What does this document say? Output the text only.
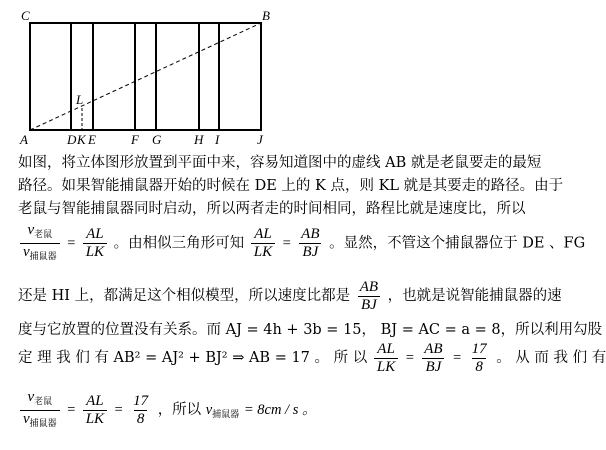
C	B
A	D K E	F G	H I	J
L
如图，将立体图形放置到平面中来，容易知道图中的虚线 AB 就是老鼠要走的最短
路径。如果智能捕鼠器开始的时候在 DE 上的 K 点，则 KL 就是其要走的路径。由于
老鼠与智能捕鼠器同时启动，所以两者走的时间相同，路程比就是速度比，所以
$\frac{v_{老鼠}}{v_{捕鼠器}} = \frac{AL}{LK}$ 。由相似三角形可知 $\frac{AL}{LK} = \frac{AB}{BJ}$ 。显然，不管这个捕鼠器位于 DE 、FG
还是 HI 上，都满足这个相似模型，所以速度比都是 $\frac{AB}{BJ}$ ，也就是说智能捕鼠器的速
度与它放置的位置没有关系。而 AJ = 4h + 3b = 15， BJ = AC = a = 8，所以利用勾股
定 理 我 们 有 AB² = AJ² + BJ² ⇒ AB = 17 。 所 以 $\frac{AL}{LK} = \frac{AB}{BJ} = \frac{17}{8}$ 。 从 而 我 们 有
$\frac{v_{老鼠}}{v_{捕鼠器}} = \frac{AL}{LK} = \frac{17}{8}$ ，所以 $v_{捕鼠器} = 8cm / s$ 。
